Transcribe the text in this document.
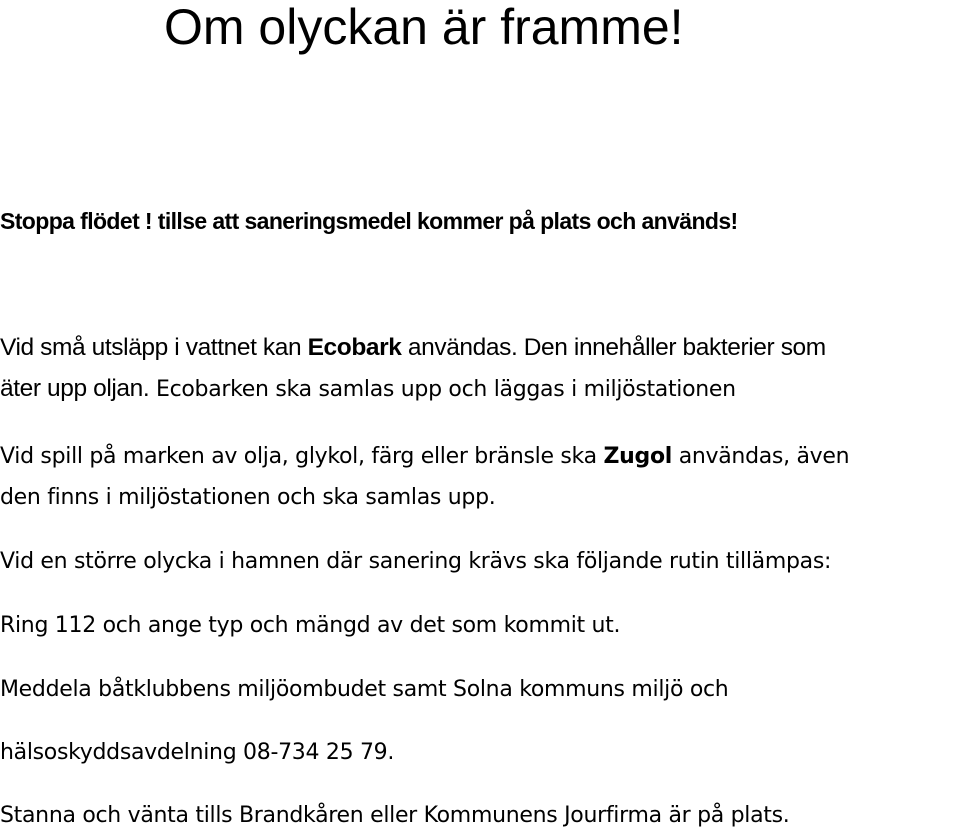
Om olyckan är framme!
Stoppa flödet ! tillse att saneringsmedel kommer på plats och används!
Vid små utsläpp i vattnet kan Ecobark användas. Den innehåller bakterier som
äter upp oljan. Ecobarken ska samlas upp och läggas i miljöstationen
Vid spill på marken av olja, glykol, färg eller bränsle ska Zugol användas, även
den finns i miljöstationen och ska samlas upp.
Vid en större olycka i hamnen där sanering krävs ska följande rutin tillämpas:
Ring 112 och ange typ och mängd av det som kommit ut.
Meddela båtklubbens miljöombudet samt Solna kommuns miljö och
hälsoskyddsavdelning 08-734 25 79.
Stanna och vänta tills Brandkåren eller Kommunens Jourfirma är på plats.
